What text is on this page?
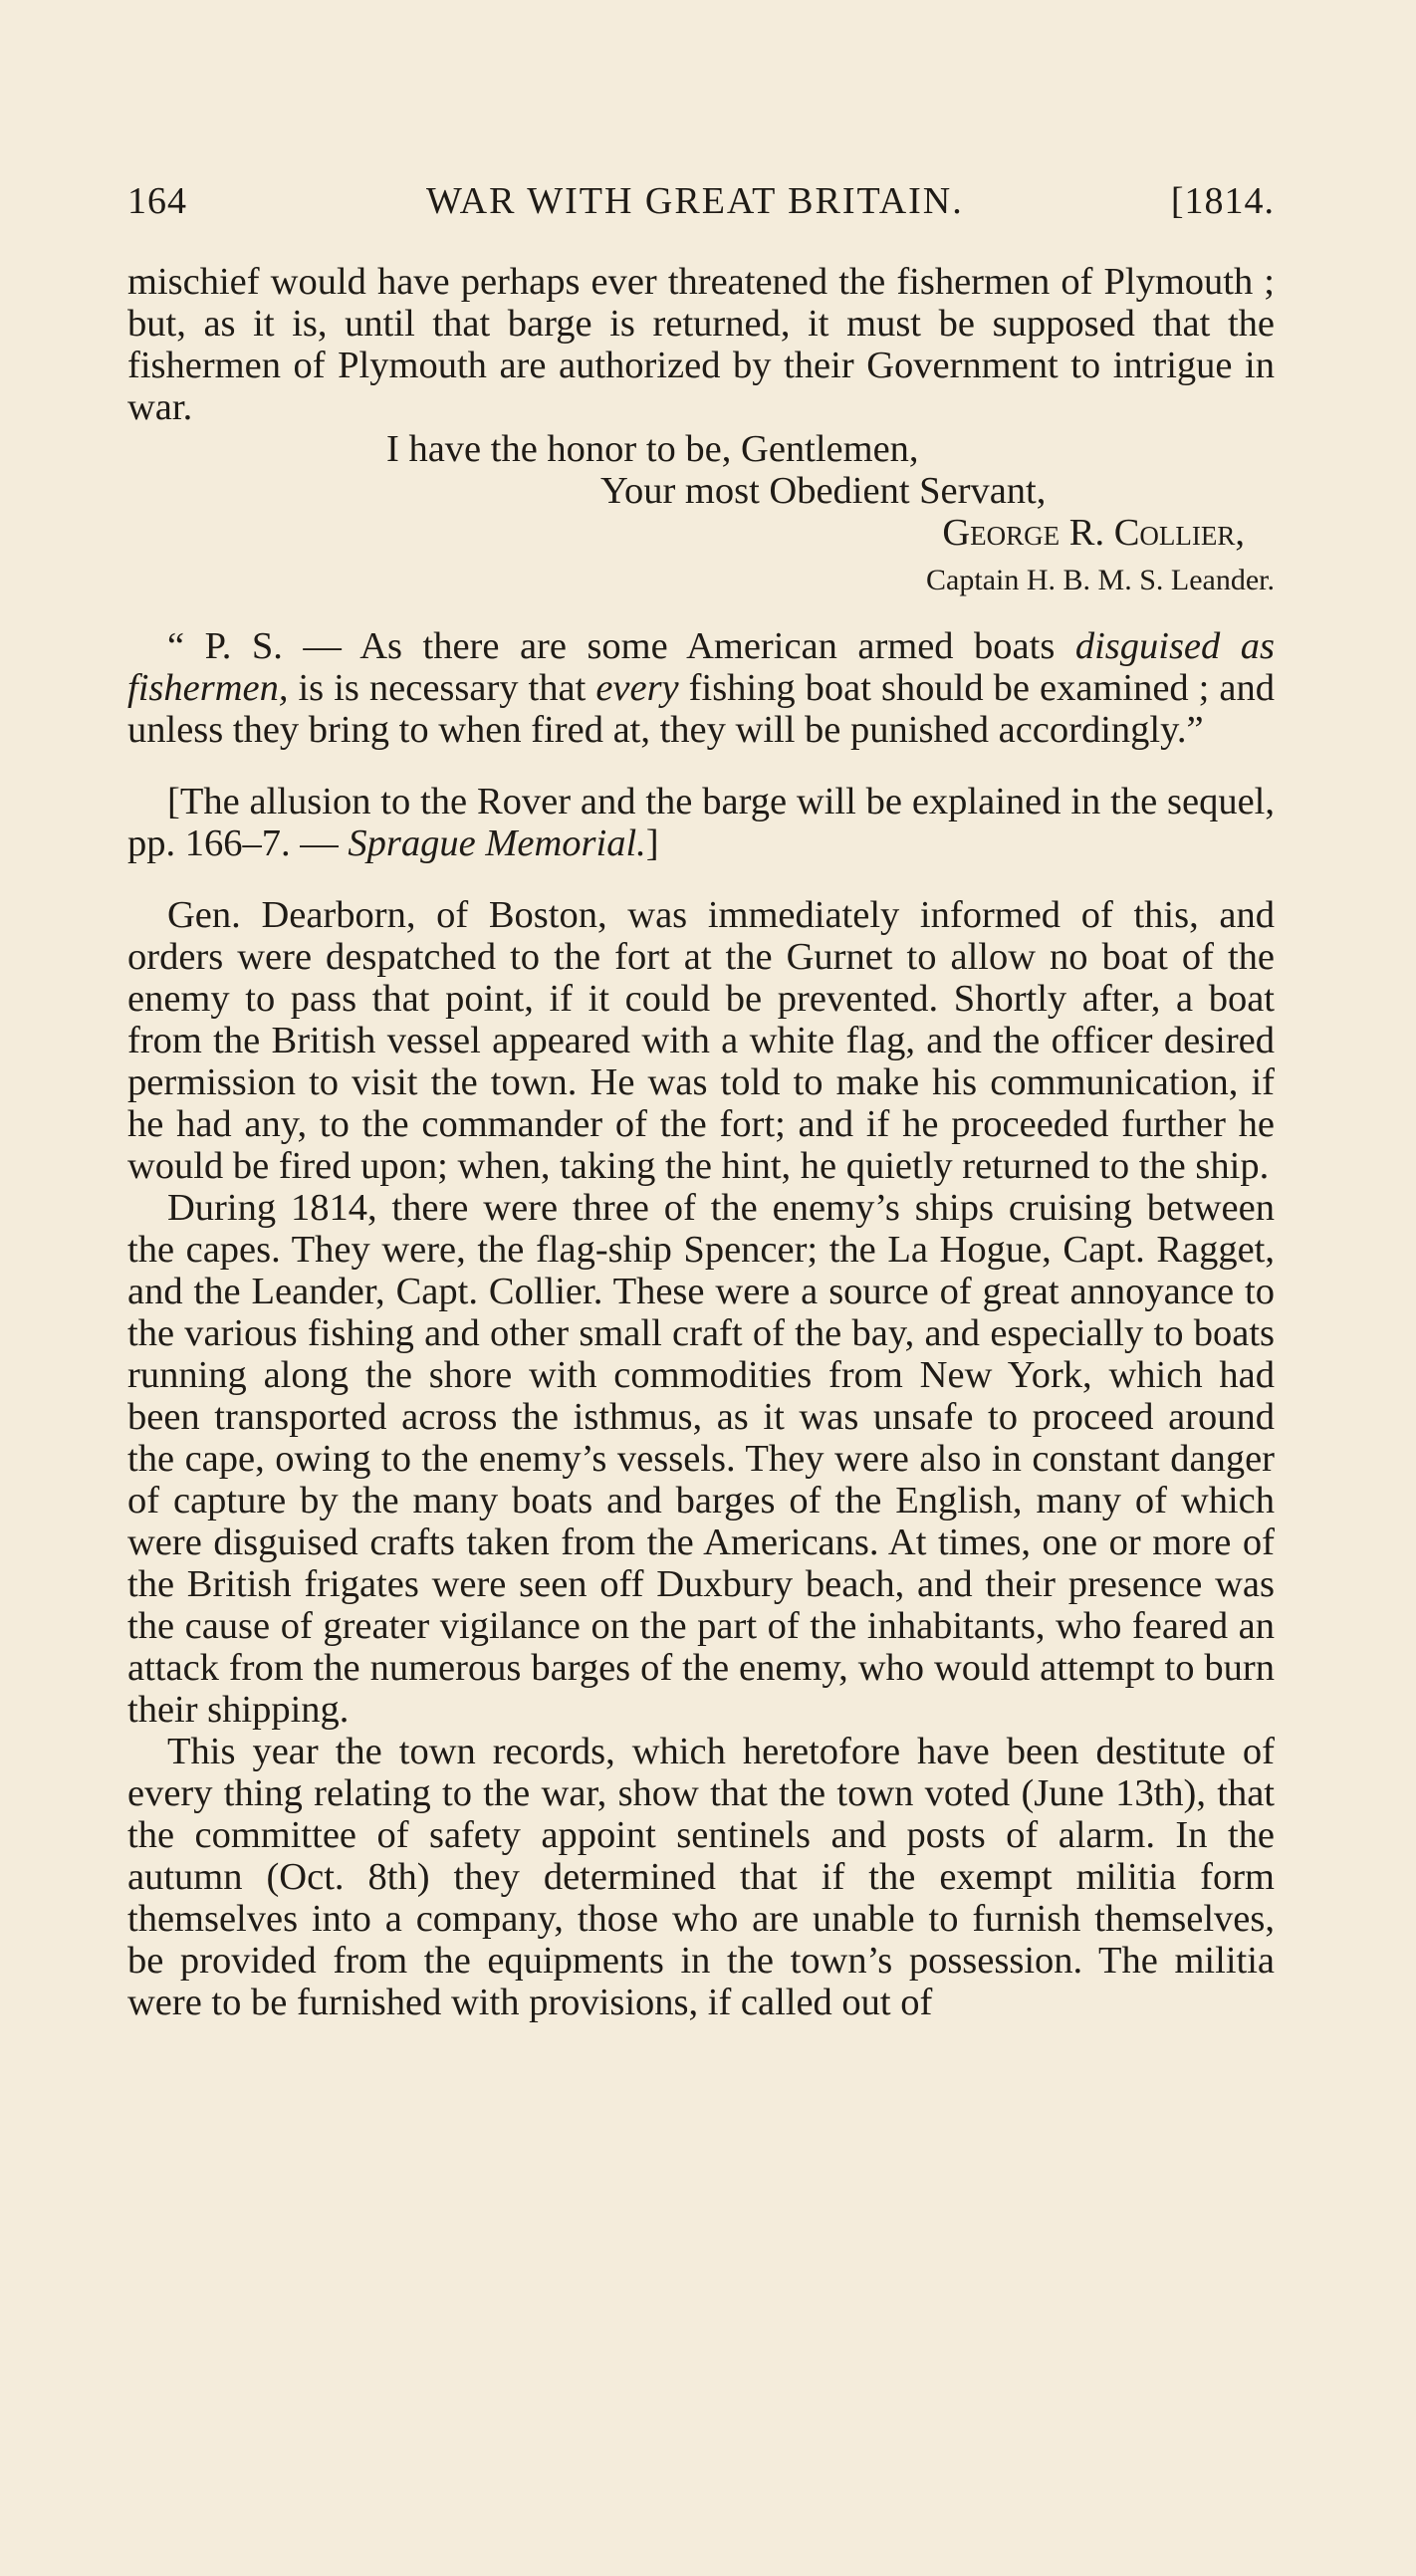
164	WAR WITH GREAT BRITAIN.	[1814.

mischief would have perhaps ever threatened the fishermen of Plymouth ; but, as it is, until that barge is returned, it must be supposed that the fishermen of Plymouth are authorized by their Government to intrigue in war.

I have the honor to be, Gentlemen,
Your most Obedient Servant,
George R. Collier,
Captain H. B. M. S. Leander.

“ P. S. — As there are some American armed boats disguised as fishermen, is is necessary that every fishing boat should be examined ; and unless they bring to when fired at, they will be punished accordingly.”

[The allusion to the Rover and the barge will be explained in the sequel, pp. 166–7. — Sprague Memorial.]

Gen. Dearborn, of Boston, was immediately informed of this, and orders were despatched to the fort at the Gurnet to allow no boat of the enemy to pass that point, if it could be prevented. Shortly after, a boat from the British vessel appeared with a white flag, and the officer desired permission to visit the town. He was told to make his communication, if he had any, to the commander of the fort; and if he proceeded further he would be fired upon; when, taking the hint, he quietly returned to the ship.

During 1814, there were three of the enemy’s ships cruising between the capes. They were, the flag-ship Spencer; the La Hogue, Capt. Ragget, and the Leander, Capt. Collier. These were a source of great annoyance to the various fishing and other small craft of the bay, and especially to boats running along the shore with commodities from New York, which had been transported across the isthmus, as it was unsafe to proceed around the cape, owing to the enemy’s vessels. They were also in constant danger of capture by the many boats and barges of the English, many of which were disguised crafts taken from the Americans. At times, one or more of the British frigates were seen off Duxbury beach, and their presence was the cause of greater vigilance on the part of the inhabitants, who feared an attack from the numerous barges of the enemy, who would attempt to burn their shipping.

This year the town records, which heretofore have been destitute of every thing relating to the war, show that the town voted (June 13th), that the committee of safety appoint sentinels and posts of alarm. In the autumn (Oct. 8th) they determined that if the exempt militia form themselves into a company, those who are unable to furnish themselves, be provided from the equipments in the town’s possession. The militia were to be furnished with provisions, if called out of
